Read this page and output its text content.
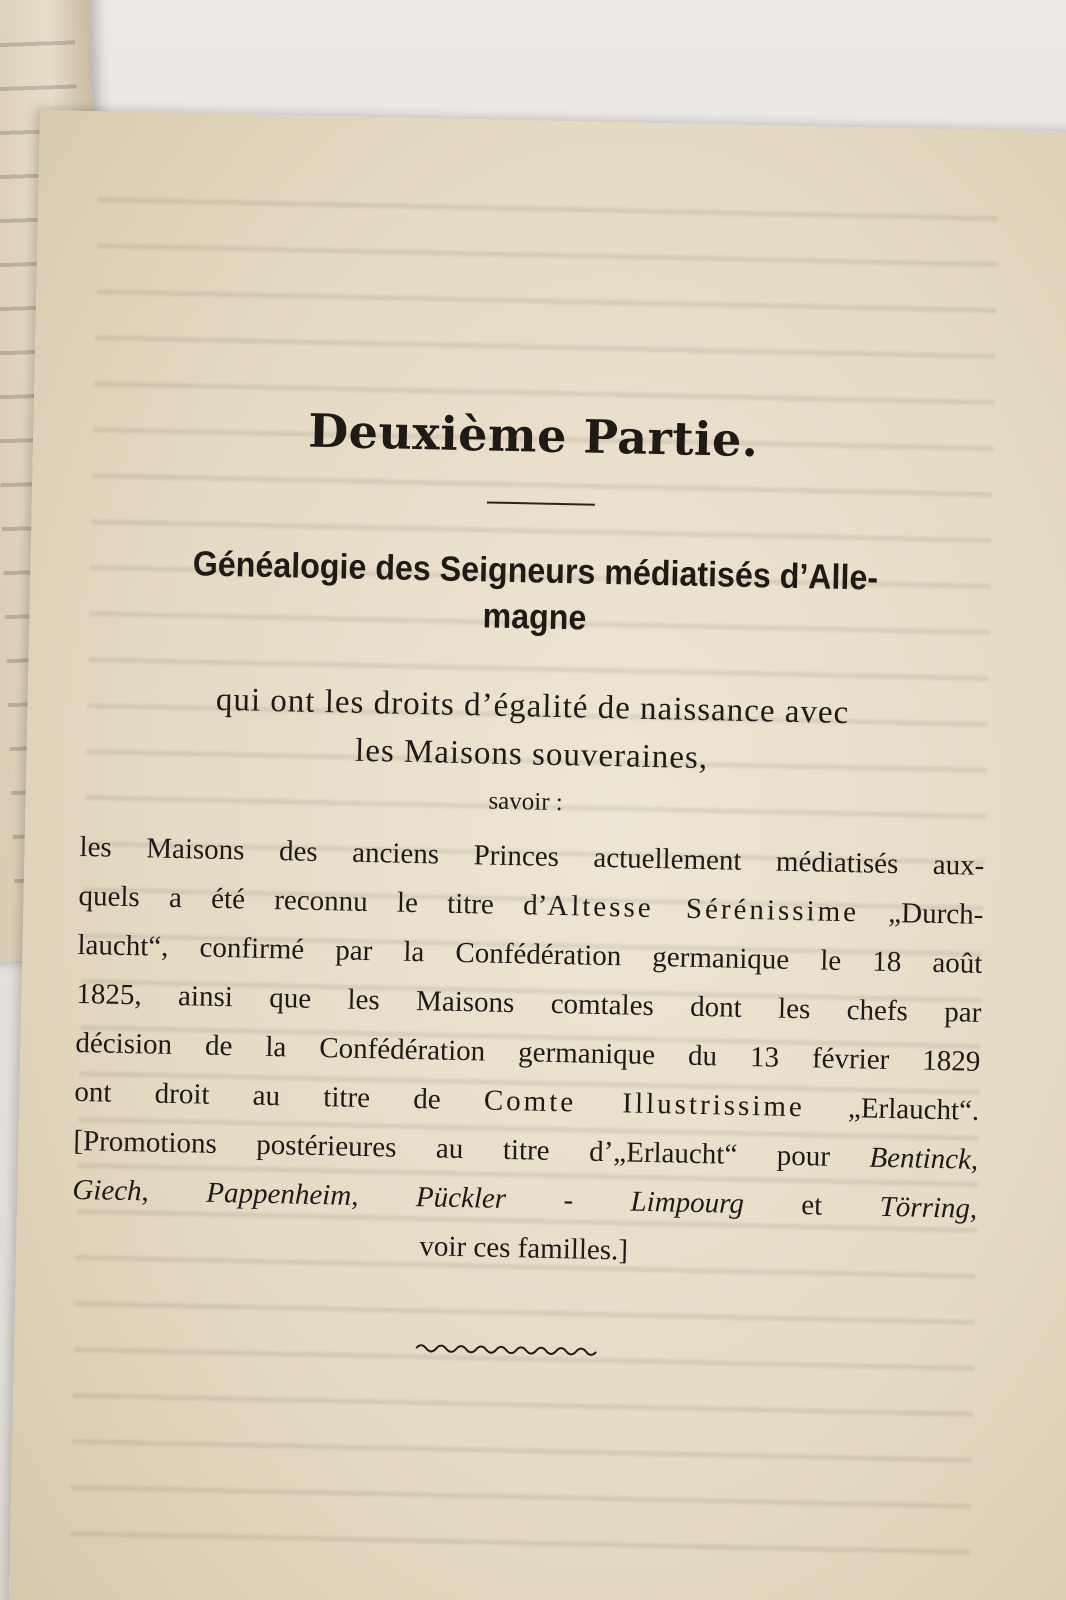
Deuxième Partie.
Généalogie des Seigneurs médiatisés d’Alle-
magne
qui ont les droits d’égalité de naissance avec
les Maisons souveraines,
savoir :
les Maisons des anciens Princes actuellement médiatisés aux-
quels a été reconnu le titre d’Altesse Sérénissime „Durch-
laucht“, confirmé par la Confédération germanique le 18 août
1825, ainsi que les Maisons comtales dont les chefs par
décision de la Confédération germanique du 13 février 1829
ont droit au titre de Comte Illustrissime „Erlaucht“.
[Promotions postérieures au titre d’„Erlaucht“ pour Bentinck,
Giech, Pappenheim, Pückler - Limpourg et Törring,
voir ces familles.]
